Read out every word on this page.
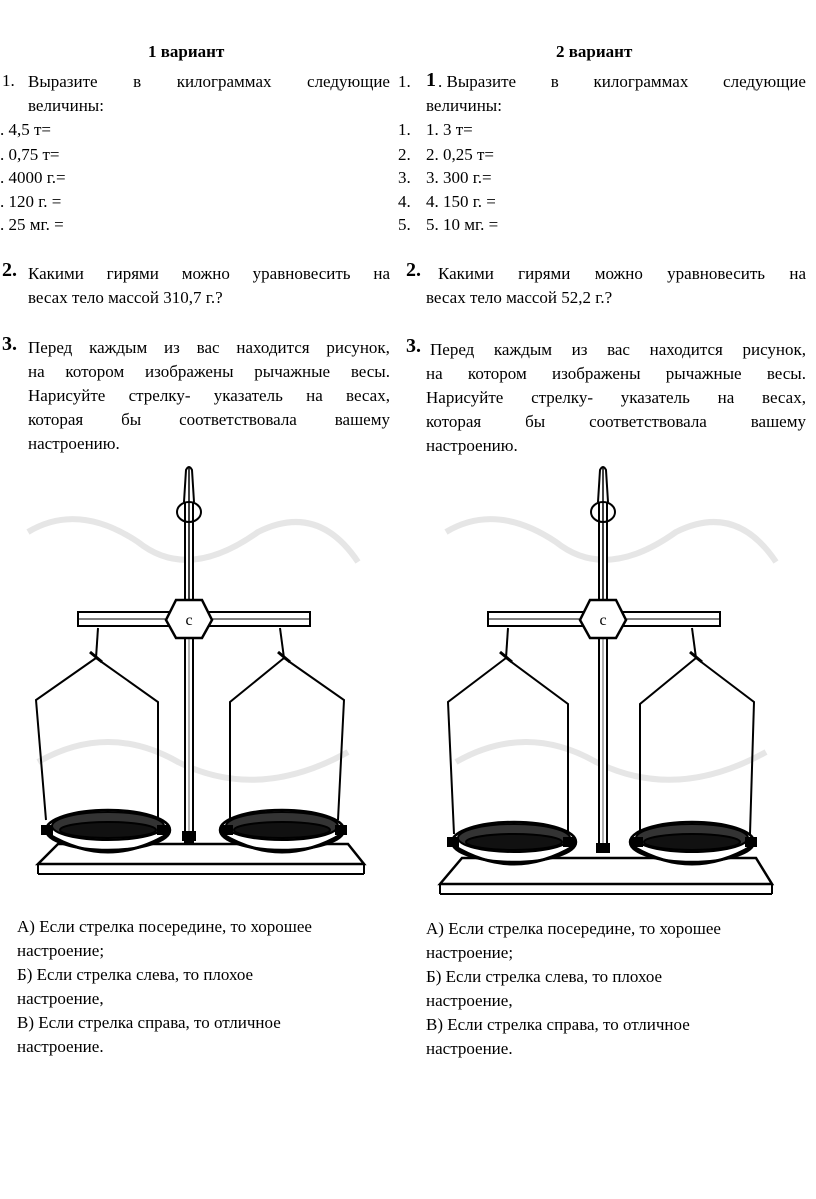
1 вариант
1. Выразите в килограммах следующие
величины:
. 4,5 т=
. 0,75 т=
. 4000 г.=
. 120 г. =
. 25 мг. =
2. Какими гирями можно уравновесить на
весах тело массой 310,7 г.?
3. Перед каждым из вас находится рисунок,
на котором изображены рычажные весы.
Нарисуйте стрелку- указатель на весах,
которая бы соответствовала вашему
настроению.
c
А) Если стрелка посередине, то хорошее
настроение;
Б) Если стрелка слева, то плохое
настроение,
В) Если стрелка справа, то отличное
настроение.
2 вариант
1. 1 . Выразите в килограммах следующие
величины:
1. 1. 3 т=
2. 2. 0,25 т=
3. 3. 300 г.=
4. 4. 150 г. =
5. 5. 10 мг. =
2. Какими гирями можно уравновесить на
весах тело массой 52,2 г.?
3. Перед каждым из вас находится рисунок,
на котором изображены рычажные весы.
Нарисуйте стрелку- указатель на весах,
которая	бы	соответствовала	вашему
настроению.
c
А) Если стрелка посередине, то хорошее
настроение;
Б) Если стрелка слева, то плохое
настроение,
В) Если стрелка справа, то отличное
настроение.
